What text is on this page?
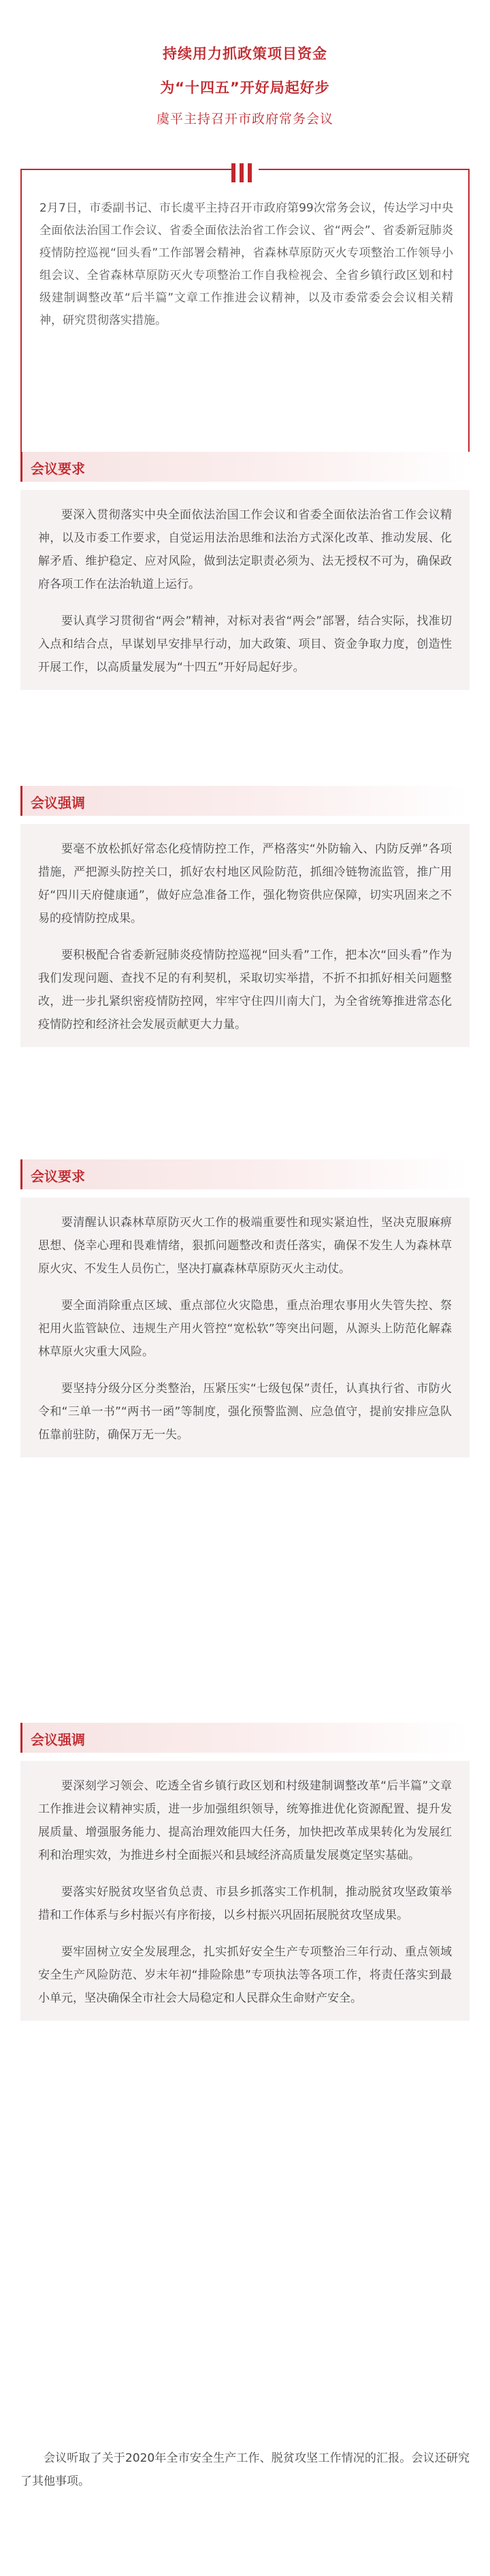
持续用力抓政策项目资金
为“十四五”开好局起好步
虞平主持召开市政府常务会议
2月7日，市委副书记、市长虞平主持召开市政府第99次常务会议，传达学习中央全面依法治国工作会议、省委全面依法治省工作会议、省“两会”、省委新冠肺炎疫情防控巡视“回头看”工作部署会精神，省森林草原防灭火专项整治工作领导小组会议、全省森林草原防灭火专项整治工作自我检视会、全省乡镇行政区划和村级建制调整改革“后半篇”文章工作推进会议精神，以及市委常委会会议相关精神，研究贯彻落实措施。
会议要求

要深入贯彻落实中央全面依法治国工作会议和省委全面依法治省工作会议精神，以及市委工作要求，自觉运用法治思维和法治方式深化改革、推动发展、化解矛盾、维护稳定、应对风险，做到法定职责必须为、法无授权不可为，确保政府各项工作在法治轨道上运行。

要认真学习贯彻省“两会”精神，对标对表省“两会”部署，结合实际，找准切入点和结合点，早谋划早安排早行动，加大政策、项目、资金争取力度，创造性开展工作，以高质量发展为“十四五”开好局起好步。

会议强调

要毫不放松抓好常态化疫情防控工作，严格落实“外防输入、内防反弹”各项措施，严把源头防控关口，抓好农村地区风险防范，抓细冷链物流监管，推广用好“四川天府健康通”，做好应急准备工作，强化物资供应保障，切实巩固来之不易的疫情防控成果。

要积极配合省委新冠肺炎疫情防控巡视“回头看”工作，把本次“回头看”作为我们发现问题、查找不足的有利契机，采取切实举措，不折不扣抓好相关问题整改，进一步扎紧织密疫情防控网，牢牢守住四川南大门，为全省统筹推进常态化疫情防控和经济社会发展贡献更大力量。

会议要求

要清醒认识森林草原防灭火工作的极端重要性和现实紧迫性，坚决克服麻痹思想、侥幸心理和畏难情绪，狠抓问题整改和责任落实，确保不发生人为森林草原火灾、不发生人员伤亡，坚决打赢森林草原防灭火主动仗。

要全面消除重点区域、重点部位火灾隐患，重点治理农事用火失管失控、祭祀用火监管缺位、违规生产用火管控“宽松软”等突出问题，从源头上防范化解森林草原火灾重大风险。

要坚持分级分区分类整治，压紧压实“七级包保”责任，认真执行省、市防火令和“三单一书”“两书一函”等制度，强化预警监测、应急值守，提前安排应急队伍靠前驻防，确保万无一失。

会议强调

要深刻学习领会、吃透全省乡镇行政区划和村级建制调整改革“后半篇”文章工作推进会议精神实质，进一步加强组织领导，统筹推进优化资源配置、提升发展质量、增强服务能力、提高治理效能四大任务，加快把改革成果转化为发展红利和治理实效，为推进乡村全面振兴和县域经济高质量发展奠定坚实基础。

要落实好脱贫攻坚省负总责、市县乡抓落实工作机制，推动脱贫攻坚政策举措和工作体系与乡村振兴有序衔接，以乡村振兴巩固拓展脱贫攻坚成果。

要牢固树立安全发展理念，扎实抓好安全生产专项整治三年行动、重点领域安全生产风险防范、岁末年初“排险除患”专项执法等各项工作，将责任落实到最小单元，坚决确保全市社会大局稳定和人民群众生命财产安全。

会议听取了关于2020年全市安全生产工作、脱贫攻坚工作情况的汇报。会议还研究了其他事项。
